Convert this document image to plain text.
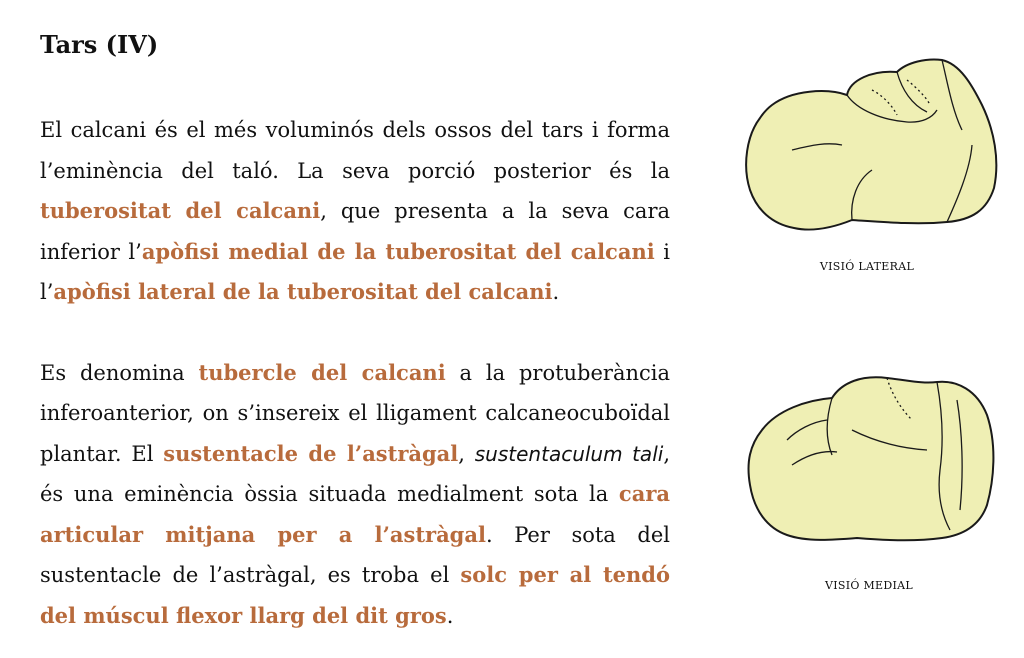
Tars (IV)

El calcani és el més voluminós dels ossos del tars i forma l’eminència del taló. La seva porció posterior és la tuberositat del calcani, que presenta a la seva cara inferior l’apòfisi medial de la tuberositat del calcani i l’apòfisi lateral de la tuberositat del calcani.

Es denomina tubercle del calcani a la protuberància inferoanterior, on s’insereix el lligament calcaneocuboïdal plantar. El sustentacle de l’astràgal, sustentaculum tali, és una eminència òssia situada medialment sota la cara articular mitjana per a l’astràgal. Per sota del sustentacle de l’astràgal, es troba el solc per al tendó del múscul flexor llarg del dit gros.

VISIÓ LATERAL
VISIÓ MEDIAL
